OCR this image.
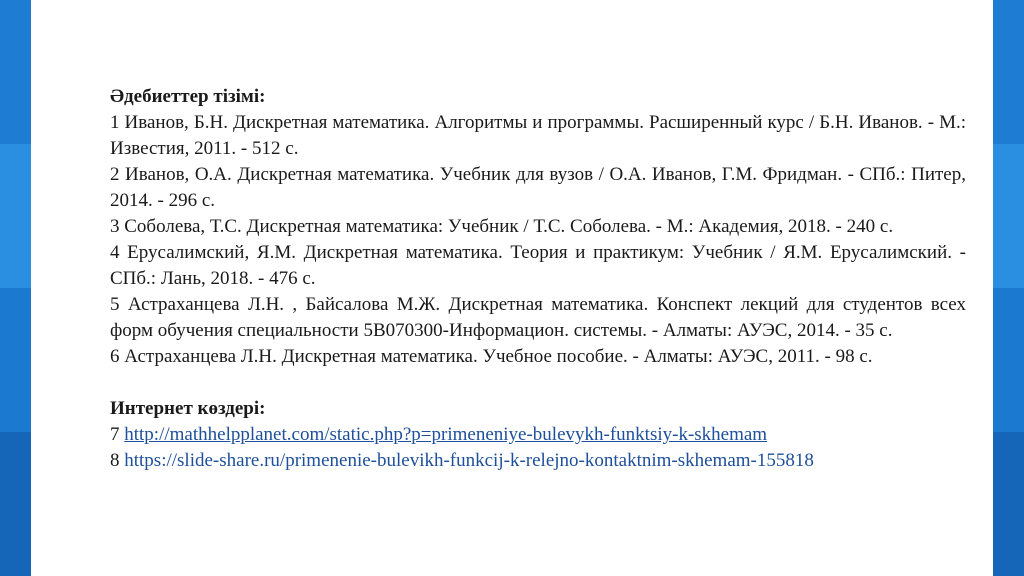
Әдебиеттер тізімі:

1 Иванов, Б.Н. Дискретная математика. Алгоритмы и программы. Расширенный курс / Б.Н. Иванов. - М.: Известия, 2011. - 512 с.

2 Иванов, О.А. Дискретная математика. Учебник для вузов / О.А. Иванов, Г.М. Фридман. - СПб.: Питер, 2014. - 296 с.

3 Соболева, Т.С. Дискретная математика: Учебник / Т.С. Соболева. - М.: Академия, 2018. - 240 с.

4 Ерусалимский, Я.М. Дискретная математика. Теория и практикум: Учебник / Я.М. Ерусалимский. - СПб.: Лань, 2018. - 476 с.

5 Астраханцева Л.Н. , Байсалова М.Ж. Дискретная математика. Конспект лекций для студентов всех форм обучения специальности 5В070300-Информацион. системы. - Алматы: АУЭС, 2014. - 35 с.

6 Астраханцева Л.Н. Дискретная математика. Учебное пособие. - Алматы: АУЭС, 2011. - 98 с.

Интернет көздері:

7 http://mathhelpplanet.com/static.php?p=primeneniye-bulevykh-funktsiy-k-skhemam

8 https://slide-share.ru/primenenie-bulevikh-funkcij-k-relejno-kontaktnim-skhemam-155818
